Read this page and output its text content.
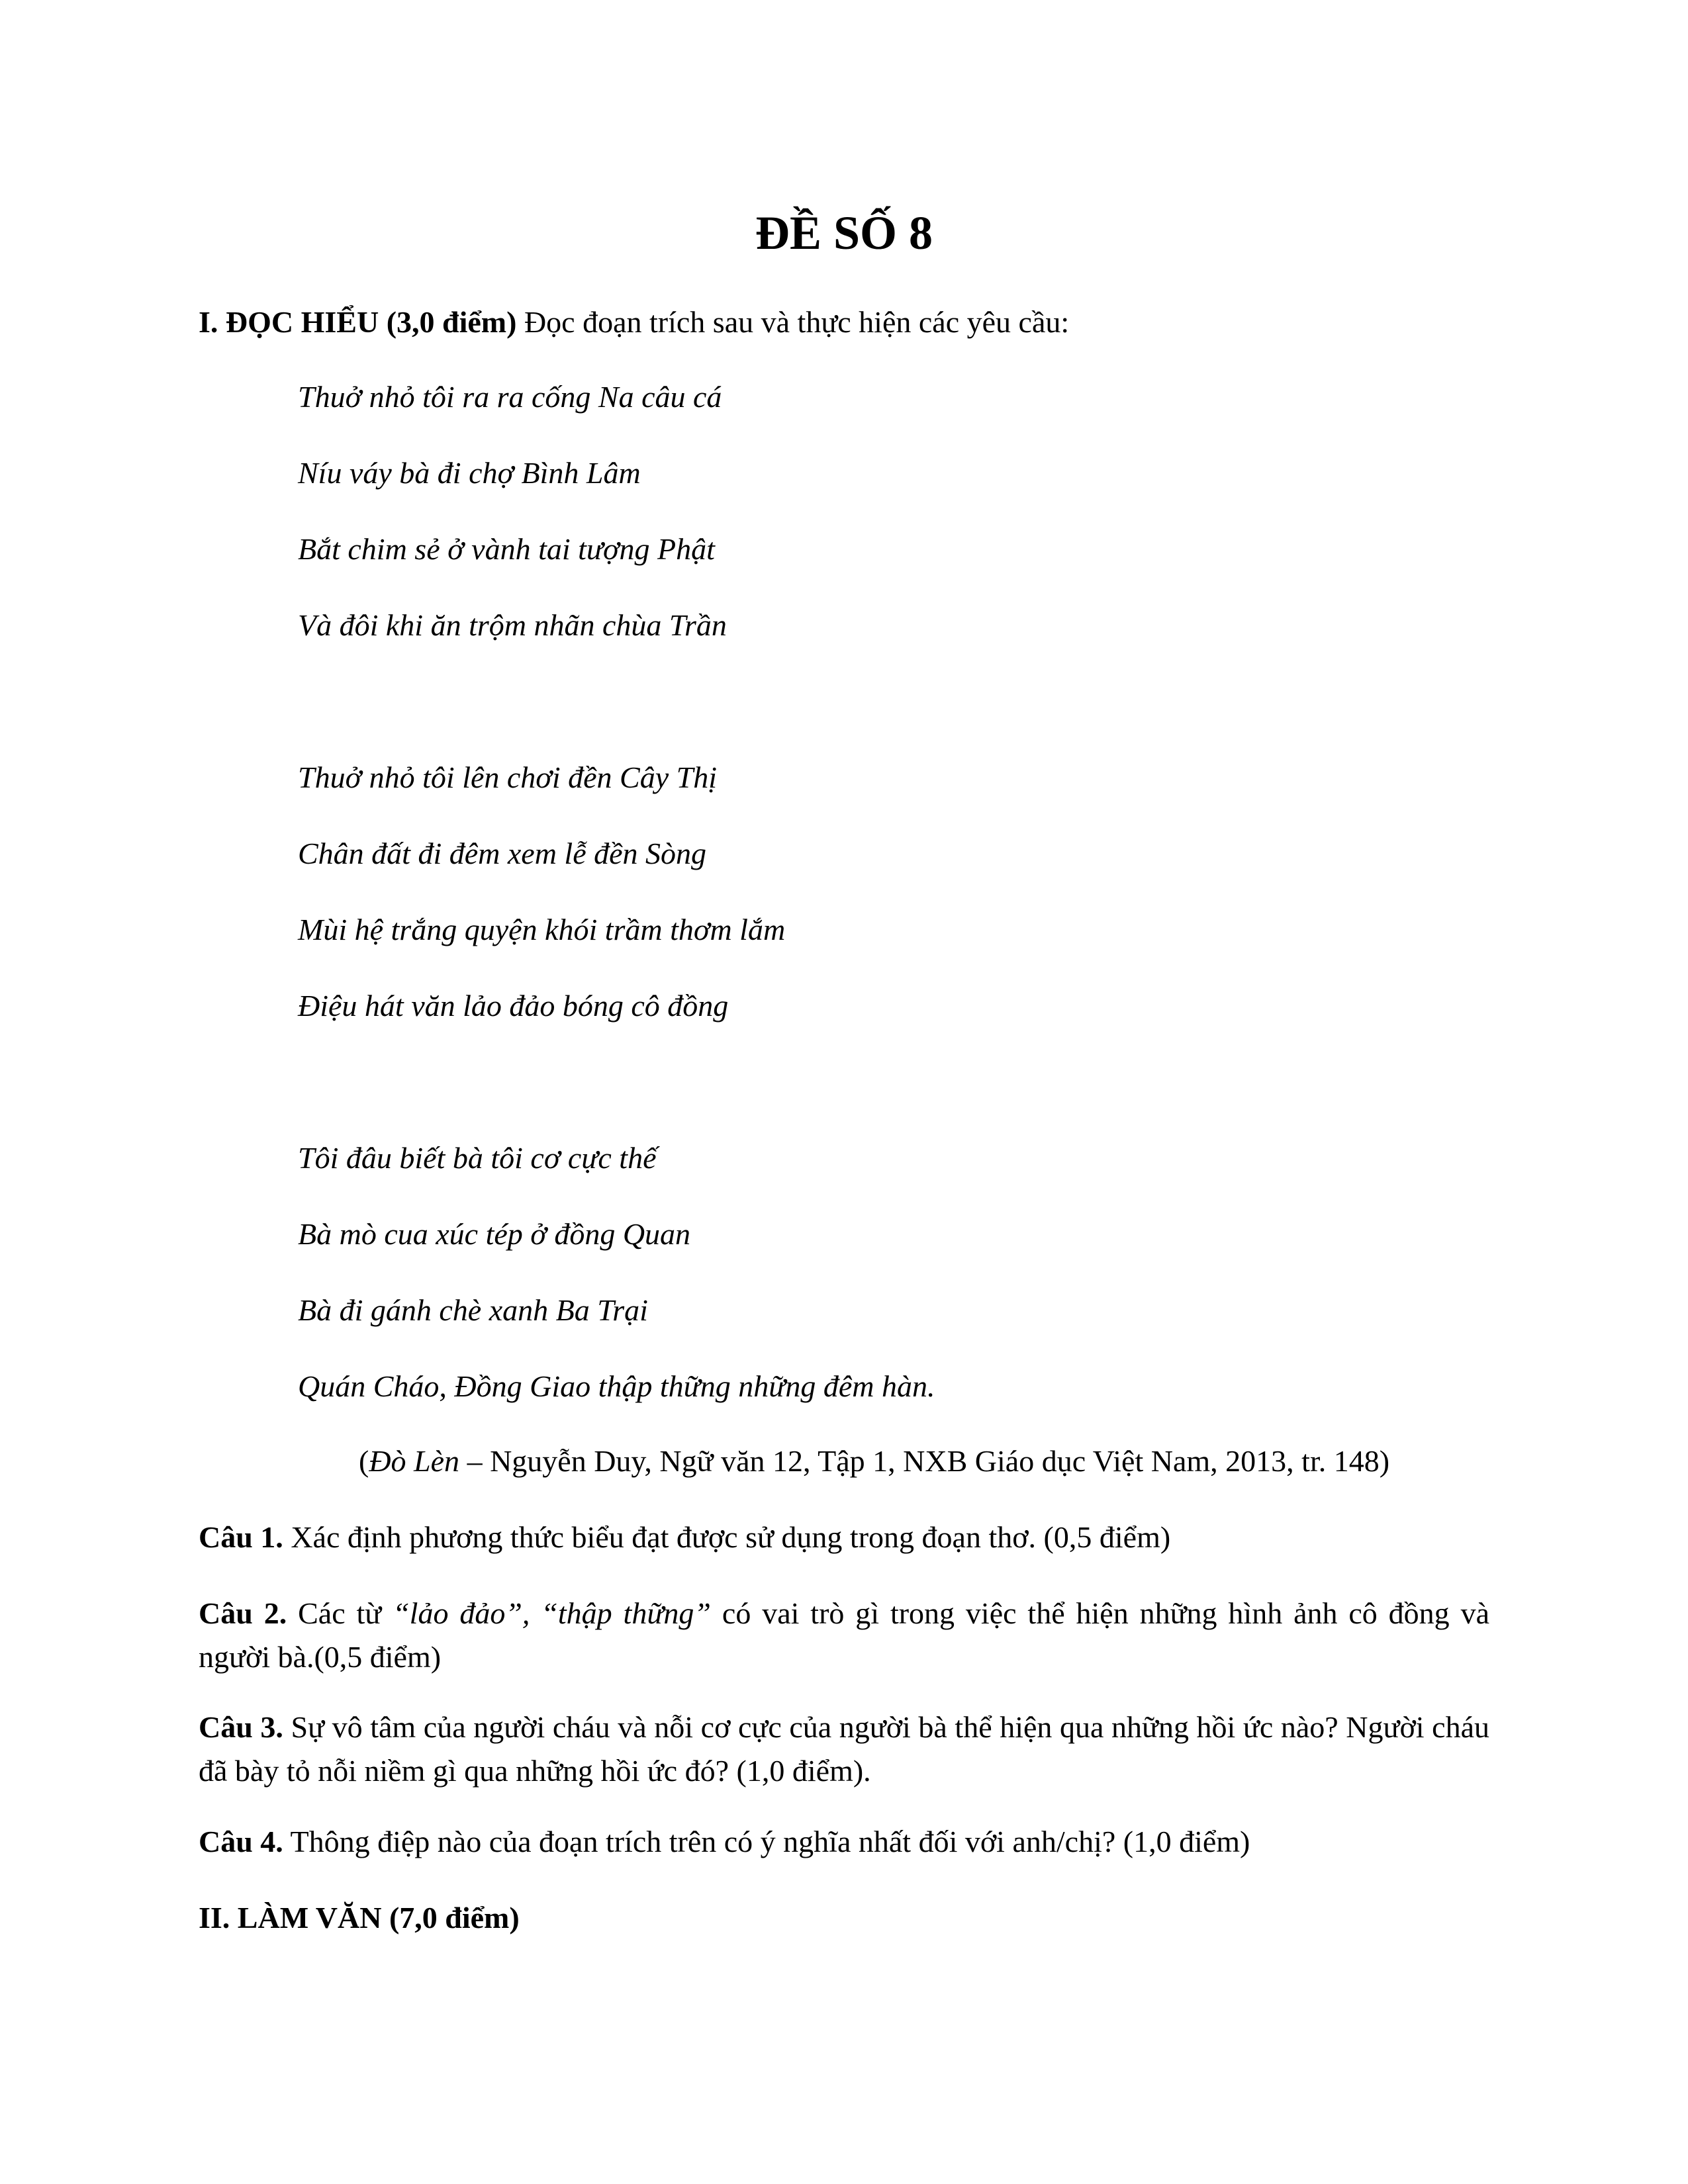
ĐỀ SỐ 8
I. ĐỌC HIỂU (3,0 điểm) Đọc đoạn trích sau và thực hiện các yêu cầu:
Thuở nhỏ tôi ra ra cống Na câu cá
Níu váy bà đi chợ Bình Lâm
Bắt chim sẻ ở vành tai tượng Phật
Và đôi khi ăn trộm nhãn chùa Trần
Thuở nhỏ tôi lên chơi đền Cây Thị
Chân đất đi đêm xem lễ đền Sòng
Mùi hệ trắng quyện khói trầm thơm lắm
Điệu hát văn lảo đảo bóng cô đồng
Tôi đâu biết bà tôi cơ cực thế
Bà mò cua xúc tép ở đồng Quan
Bà đi gánh chè xanh Ba Trại
Quán Cháo, Đồng Giao thập thững những đêm hàn.
(Đò Lèn – Nguyễn Duy, Ngữ văn 12, Tập 1, NXB Giáo dục Việt Nam, 2013, tr. 148)
Câu 1. Xác định phương thức biểu đạt được sử dụng trong đoạn thơ. (0,5 điểm)
Câu 2. Các từ “lảo đảo”, “thập thững” có vai trò gì trong việc thể hiện những hình ảnh cô đồng và người bà.(0,5 điểm)
Câu 3. Sự vô tâm của người cháu và nỗi cơ cực của người bà thể hiện qua những hồi ức nào? Người cháu đã bày tỏ nỗi niềm gì qua những hồi ức đó? (1,0 điểm).
Câu 4. Thông điệp nào của đoạn trích trên có ý nghĩa nhất đối với anh/chị? (1,0 điểm)
II. LÀM VĂN (7,0 điểm)
